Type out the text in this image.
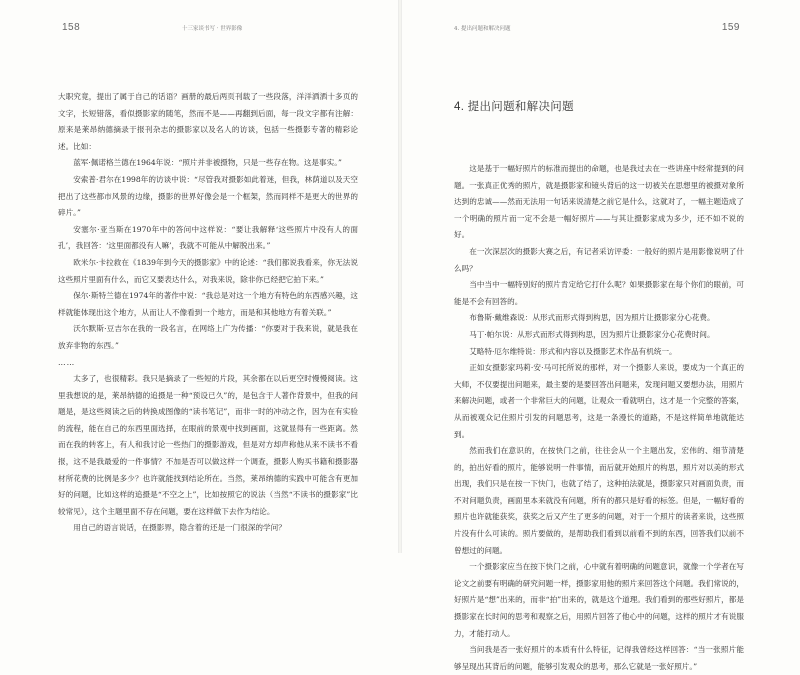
158	十三家谈书写 · 世界影像

大职究竟，提出了属于自己的话语？画册的最后两页刊载了一些段落，洋洋洒洒十多页的文字，长短错落，看似摄影家的随笔，然而不是——再翻到后面，每一段文字都有注解：原来是莱昂纳德摘录于报刊杂志的摄影家以及名人的访谈，包括一些摄影专著的精彩论述。比如：

蓝军·佩诺格兰德在1964年说：“照片并非被摄物，只是一些存在物。这是事实。”

安索普·君尔在1998年的访谈中说：“尽管我对摄影如此着迷，但我，林荫道以及天空把出了这些都市风景的边缘，摄影的世界好像会是一个框架，然而同样不是更大的世界的碎片。”

安塞尔·亚当斯在1970年中的答问中这样说：“要让我解释‘这些照片中没有人的面孔’，我回答：‘这里面都没有人嘛’，我就不可能从中解脱出来。”

欧米尔·卡拉救在《1839年到今天的摄影家》中的论述：“我们都说我看来，你无法说这些照片里面有什么，而它又要表达什么，对我来说，除非你已经把它拍下来。”

保尔·斯特兰德在1974年的著作中说：“我总是对这一个地方有特色的东西感兴趣，这样就能体现出这个地方，从而让人不像看到一个地方，而是和其他地方有着关联。”

沃尔默斯·豆吉尔在我的一段名言，在网络上广为传播：“你要对于我来说，就是我在放弃非物的东西。”

……

太多了，也很精彩。我只是摘录了一些短的片段，其余都在以后更空时慢慢阅读。这里我想说的是，莱昂纳德的追摄是一种“预设已久”的，是包含于人著作背景中，但我的问题是，是这些阅读之后的转换成图像的“读书笔记”，而非一时的冲动之作，因为在有实验的流程，能在自己的东西里面选择，在眼前的景观中找到画面，这就显得有一些距离。然而在我的转客上，有人和我讨论一些热门的摄影游戏，但是对方却声称他从来不读书不看报，这不是我最爱的一件事情？不加是否可以做这样一个调查，摄影人购买书籍和摄影器材所花费的比例是多少？也许就能找到结论所在。当然，莱昂纳德的实践中可能含有更加好的问题，比如这样的追摄是“不空之上”，比如按照它的说法（当然“不读书的摄影家”比较常见），这个主题里面不存在问题，要在这样做下去作为结论。

用自己的语言说话，在摄影界，隐含着的还是一门很深的学问？

4. 提出问题和解决问题	159
4. 提出问题和解决问题

这是基于一幅好照片的标准而提出的命题，也是我过去在一些讲座中经常提到的问题。一张真正优秀的照片，就是摄影家和镜头背后的这一切被关在思想里的被摄对象所达到的忠诚——然而无法用一句话来说清楚之前它是什么，这就对了，一幅主题造成了一个明确的照片而一定不会是一幅好照片——与其让摄影家成为多少，还不如不说的好。

在一次深层次的摄影大赛之后，有记者采访评委：一般好的照片是用影像说明了什么吗？

当中当中一幅特别好的照片肯定给它打什么呢？如果摄影家在每个你们的眼前，可能是不会有回答的。

布鲁斯·戴维森说：从形式而形式得到构思，因为照片让摄影家分心花费。

马丁·帕尔说：从形式而形式得到构思，因为照片让摄影家分心花费时间。

艾略特·厄尔维特说：形式和内容以及摄影艺术作品有机统一。

正如女摄影家玛莉·安·马可托所说的那样，对一个摄影人来说，要成为一个真正的大师，不仅要提出问题来，最主要的是要回答出问题来，发现问题又要想办法，用照片来解决问题，或者一个非常巨大的问题，让观众一看就明白，这才是一个完整的答案，从而被观众记住照片引发的问题思考，这是一条漫长的道路，不是这样简单地就能达到。

然而我们在意识的，在按快门之前，往往会从一个主题出发，宏伟的、细节清楚的，拍出好看的照片，能够说明一件事情，而后就开始照片的构思，照片对以美的形式出现，我们只是在按一下快门，也就了结了，这种拍法就是，摄影家只对画面负责，而不对问题负责，画面里本来就没有问题，所有的都只是好看的标签。但是，一幅好看的照片也许就能获奖，获奖之后又产生了更多的问题，对于一个照片的读者来说，这些照片没有什么可读的。照片要做的，是帮助我们看到以前看不到的东西，回答我们以前不曾想过的问题。

一个摄影家应当在按下快门之前，心中就有着明确的问题意识，就像一个学者在写论文之前要有明确的研究问题一样，摄影家用他的照片来回答这个问题。我们常说的，好照片是“想”出来的，而非“拍”出来的，就是这个道理。我们看到的那些好照片，都是摄影家在长时间的思考和观察之后，用照片回答了他心中的问题，这样的照片才有说服力，才能打动人。

当问我是否一张好照片的本质有什么特征，记得我曾经这样回答：“当一张照片能够呈现出其背后的问题，能够引发观众的思考，那么它就是一张好照片。”
